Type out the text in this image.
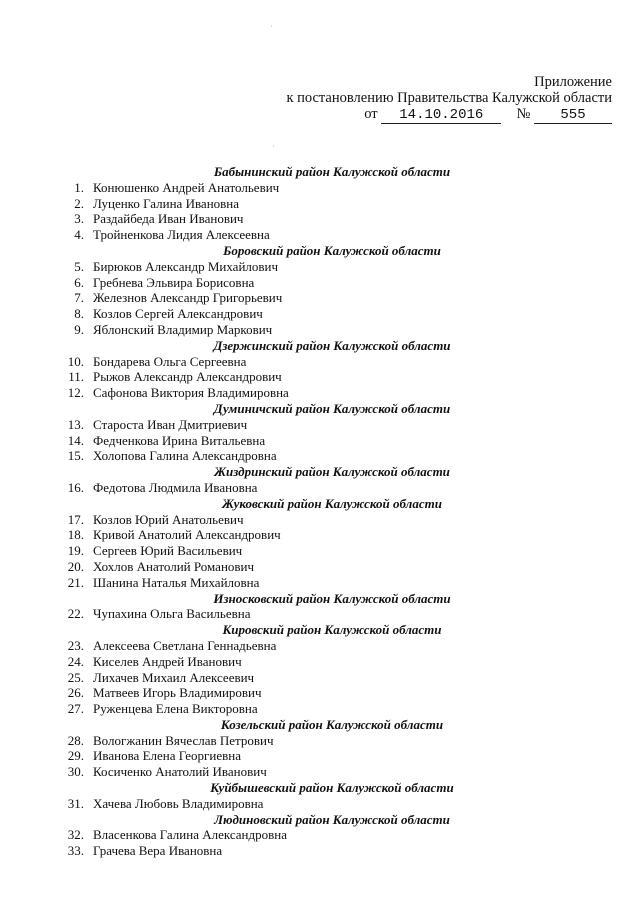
·
·
Приложение
к постановлению Правительства Калужской области
от 14.10.2016 № 555
Бабынинский район Калужской области
1. Конюшенко Андрей Анатольевич
2. Луценко Галина Ивановна
3. Раздайбеда Иван Иванович
4. Тройненкова Лидия Алексеевна
Боровский район Калужской области
5. Бирюков Александр Михайлович
6. Гребнева Эльвира Борисовна
7. Железнов Александр Григорьевич
8. Козлов Сергей Александрович
9. Яблонский Владимир Маркович
Дзержинский район Калужской области
10. Бондарева Ольга Сергеевна
11. Рыжов Александр Александрович
12. Сафонова Виктория Владимировна
Думиничский район Калужской области
13. Староста Иван Дмитриевич
14. Федченкова Ирина Витальевна
15. Холопова Галина Александровна
Жиздринский район Калужской области
16. Федотова Людмила Ивановна
Жуковский район Калужской области
17. Козлов Юрий Анатольевич
18. Кривой Анатолий Александрович
19. Сергеев Юрий Васильевич
20. Хохлов Анатолий Романович
21. Шанина Наталья Михайловна
Износковский район Калужской области
22. Чупахина Ольга Васильевна
Кировский район Калужской области
23. Алексеева Светлана Геннадьевна
24. Киселев Андрей Иванович
25. Лихачев Михаил Алексеевич
26. Матвеев Игорь Владимирович
27. Руженцева Елена Викторовна
Козельский район Калужской области
28. Вологжанин Вячеслав Петрович
29. Иванова Елена Георгиевна
30. Косиченко Анатолий Иванович
Куйбышевский район Калужской области
31. Хачева Любовь Владимировна
Людиновский район Калужской области
32. Власенкова Галина Александровна
33. Грачева Вера Ивановна
